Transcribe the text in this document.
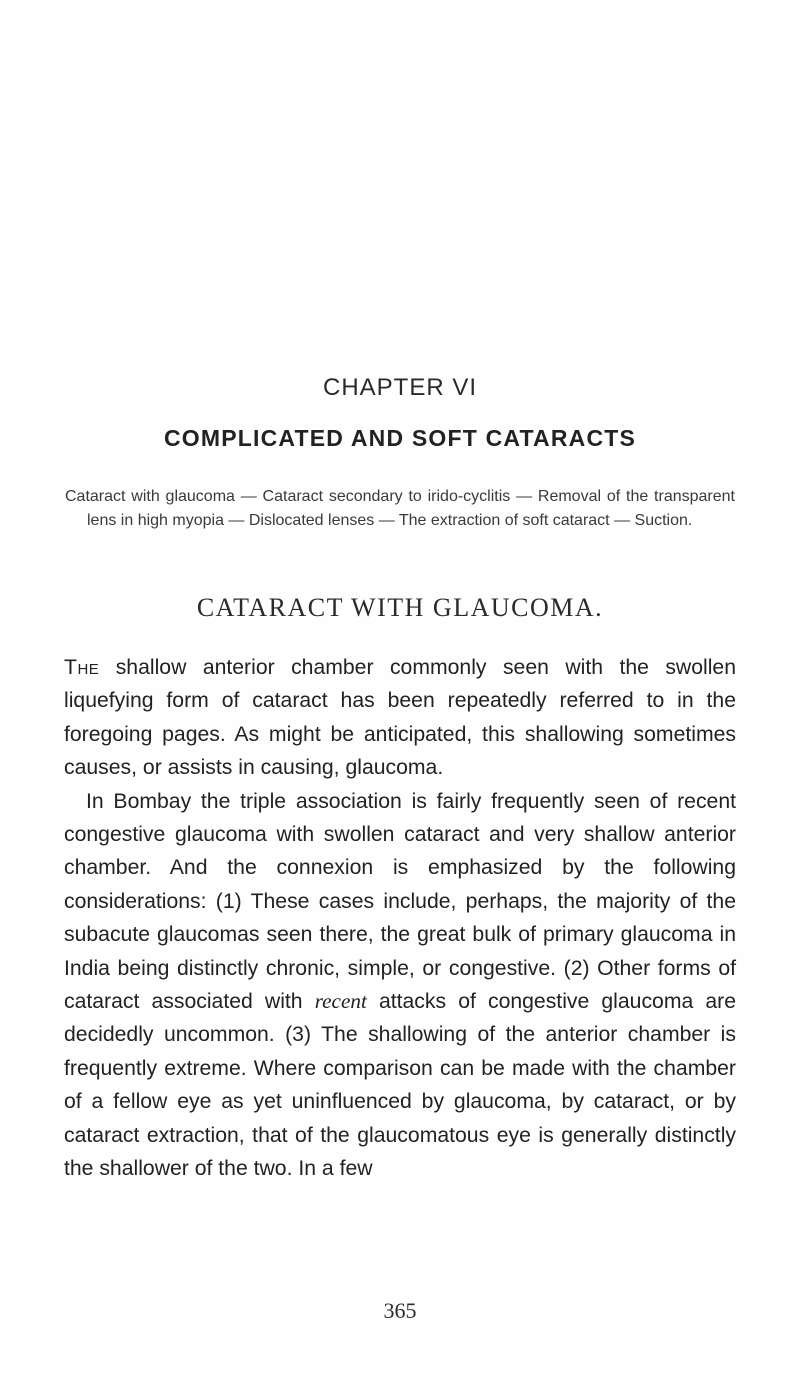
CHAPTER VI
COMPLICATED AND SOFT CATARACTS
Cataract with glaucoma — Cataract secondary to irido-cyclitis — Removal of the transparent lens in high myopia — Dislocated lenses — The extraction of soft cataract — Suction.
CATARACT WITH GLAUCOMA.

The shallow anterior chamber commonly seen with the swollen liquefying form of cataract has been repeatedly referred to in the foregoing pages. As might be anticipated, this shallowing sometimes causes, or assists in causing, glaucoma.

In Bombay the triple association is fairly frequently seen of recent congestive glaucoma with swollen cataract and very shallow anterior chamber. And the connexion is emphasized by the following considerations: (1) These cases include, perhaps, the majority of the subacute glaucomas seen there, the great bulk of primary glaucoma in India being distinctly chronic, simple, or congestive. (2) Other forms of cataract associated with recent attacks of congestive glaucoma are decidedly uncommon. (3) The shallowing of the anterior chamber is frequently extreme. Where comparison can be made with the chamber of a fellow eye as yet uninfluenced by glaucoma, by cataract, or by cataract extraction, that of the glaucomatous eye is generally distinctly the shallower of the two. In a few

365
